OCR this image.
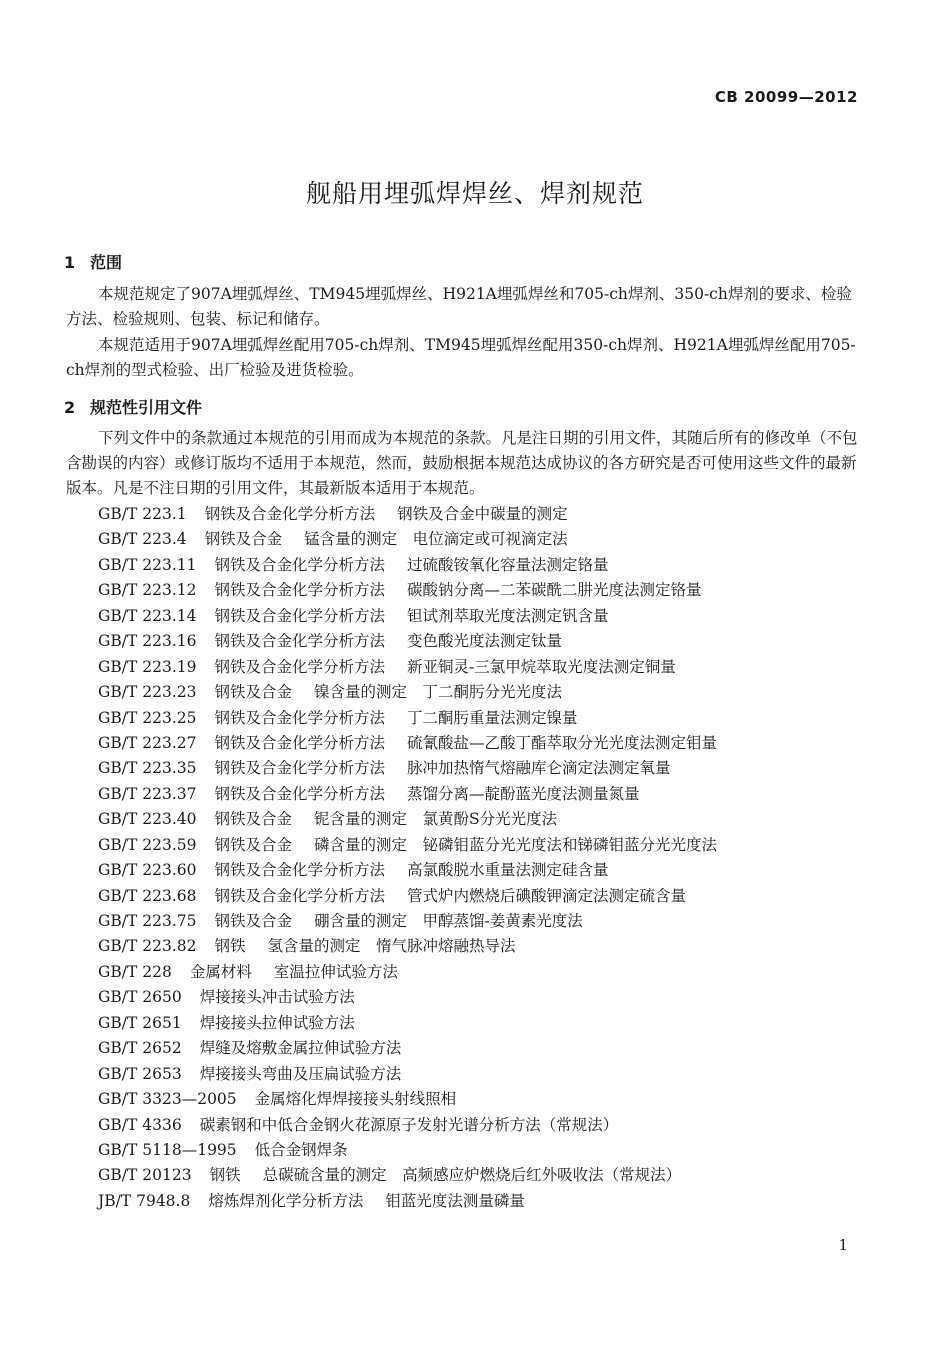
CB 20099—2012
舰船用埋弧焊焊丝、焊剂规范
1 范围
本规范规定了907A埋弧焊丝、TM945埋弧焊丝、H921A埋弧焊丝和705-ch焊剂、350-ch焊剂的要求、检验方法、检验规则、包装、标记和储存。
本规范适用于907A埋弧焊丝配用705-ch焊剂、TM945埋弧焊丝配用350-ch焊剂、H921A埋弧焊丝配用705-ch焊剂的型式检验、出厂检验及进货检验。
2 规范性引用文件
下列文件中的条款通过本规范的引用而成为本规范的条款。凡是注日期的引用文件，其随后所有的修改单（不包含勘误的内容）或修订版均不适用于本规范，然而，鼓励根据本规范达成协议的各方研究是否可使用这些文件的最新版本。凡是不注日期的引用文件，其最新版本适用于本规范。
GB/T 223.1 钢铁及合金化学分析方法 钢铁及合金中碳量的测定
GB/T 223.4 钢铁及合金 锰含量的测定　电位滴定或可视滴定法
GB/T 223.11 钢铁及合金化学分析方法 过硫酸铵氧化容量法测定铬量
GB/T 223.12 钢铁及合金化学分析方法 碳酸钠分离—二苯碳酰二肼光度法测定铬量
GB/T 223.14 钢铁及合金化学分析方法 钽试剂萃取光度法测定钒含量
GB/T 223.16 钢铁及合金化学分析方法 变色酸光度法测定钛量
GB/T 223.19 钢铁及合金化学分析方法 新亚铜灵-三氯甲烷萃取光度法测定铜量
GB/T 223.23 钢铁及合金 镍含量的测定　丁二酮肟分光光度法
GB/T 223.25 钢铁及合金化学分析方法 丁二酮肟重量法测定镍量
GB/T 223.27 钢铁及合金化学分析方法 硫氰酸盐—乙酸丁酯萃取分光光度法测定钼量
GB/T 223.35 钢铁及合金化学分析方法 脉冲加热惰气熔融库仑滴定法测定氧量
GB/T 223.37 钢铁及合金化学分析方法 蒸馏分离—靛酚蓝光度法测量氮量
GB/T 223.40 钢铁及合金 铌含量的测定　氯黄酚S分光光度法
GB/T 223.59 钢铁及合金 磷含量的测定　铋磷钼蓝分光光度法和锑磷钼蓝分光光度法
GB/T 223.60 钢铁及合金化学分析方法 高氯酸脱水重量法测定硅含量
GB/T 223.68 钢铁及合金化学分析方法 管式炉内燃烧后碘酸钾滴定法测定硫含量
GB/T 223.75 钢铁及合金 硼含量的测定　甲醇蒸馏-姜黄素光度法
GB/T 223.82 钢铁 氢含量的测定　惰气脉冲熔融热导法
GB/T 228 金属材料 室温拉伸试验方法
GB/T 2650 焊接接头冲击试验方法
GB/T 2651 焊接接头拉伸试验方法
GB/T 2652 焊缝及熔敷金属拉伸试验方法
GB/T 2653 焊接接头弯曲及压扁试验方法
GB/T 3323—2005 金属熔化焊焊接接头射线照相
GB/T 4336 碳素钢和中低合金钢火花源原子发射光谱分析方法（常规法）
GB/T 5118—1995 低合金钢焊条
GB/T 20123 钢铁 总碳硫含量的测定　高频感应炉燃烧后红外吸收法（常规法）
JB/T 7948.8 熔炼焊剂化学分析方法 钼蓝光度法测量磷量
1
